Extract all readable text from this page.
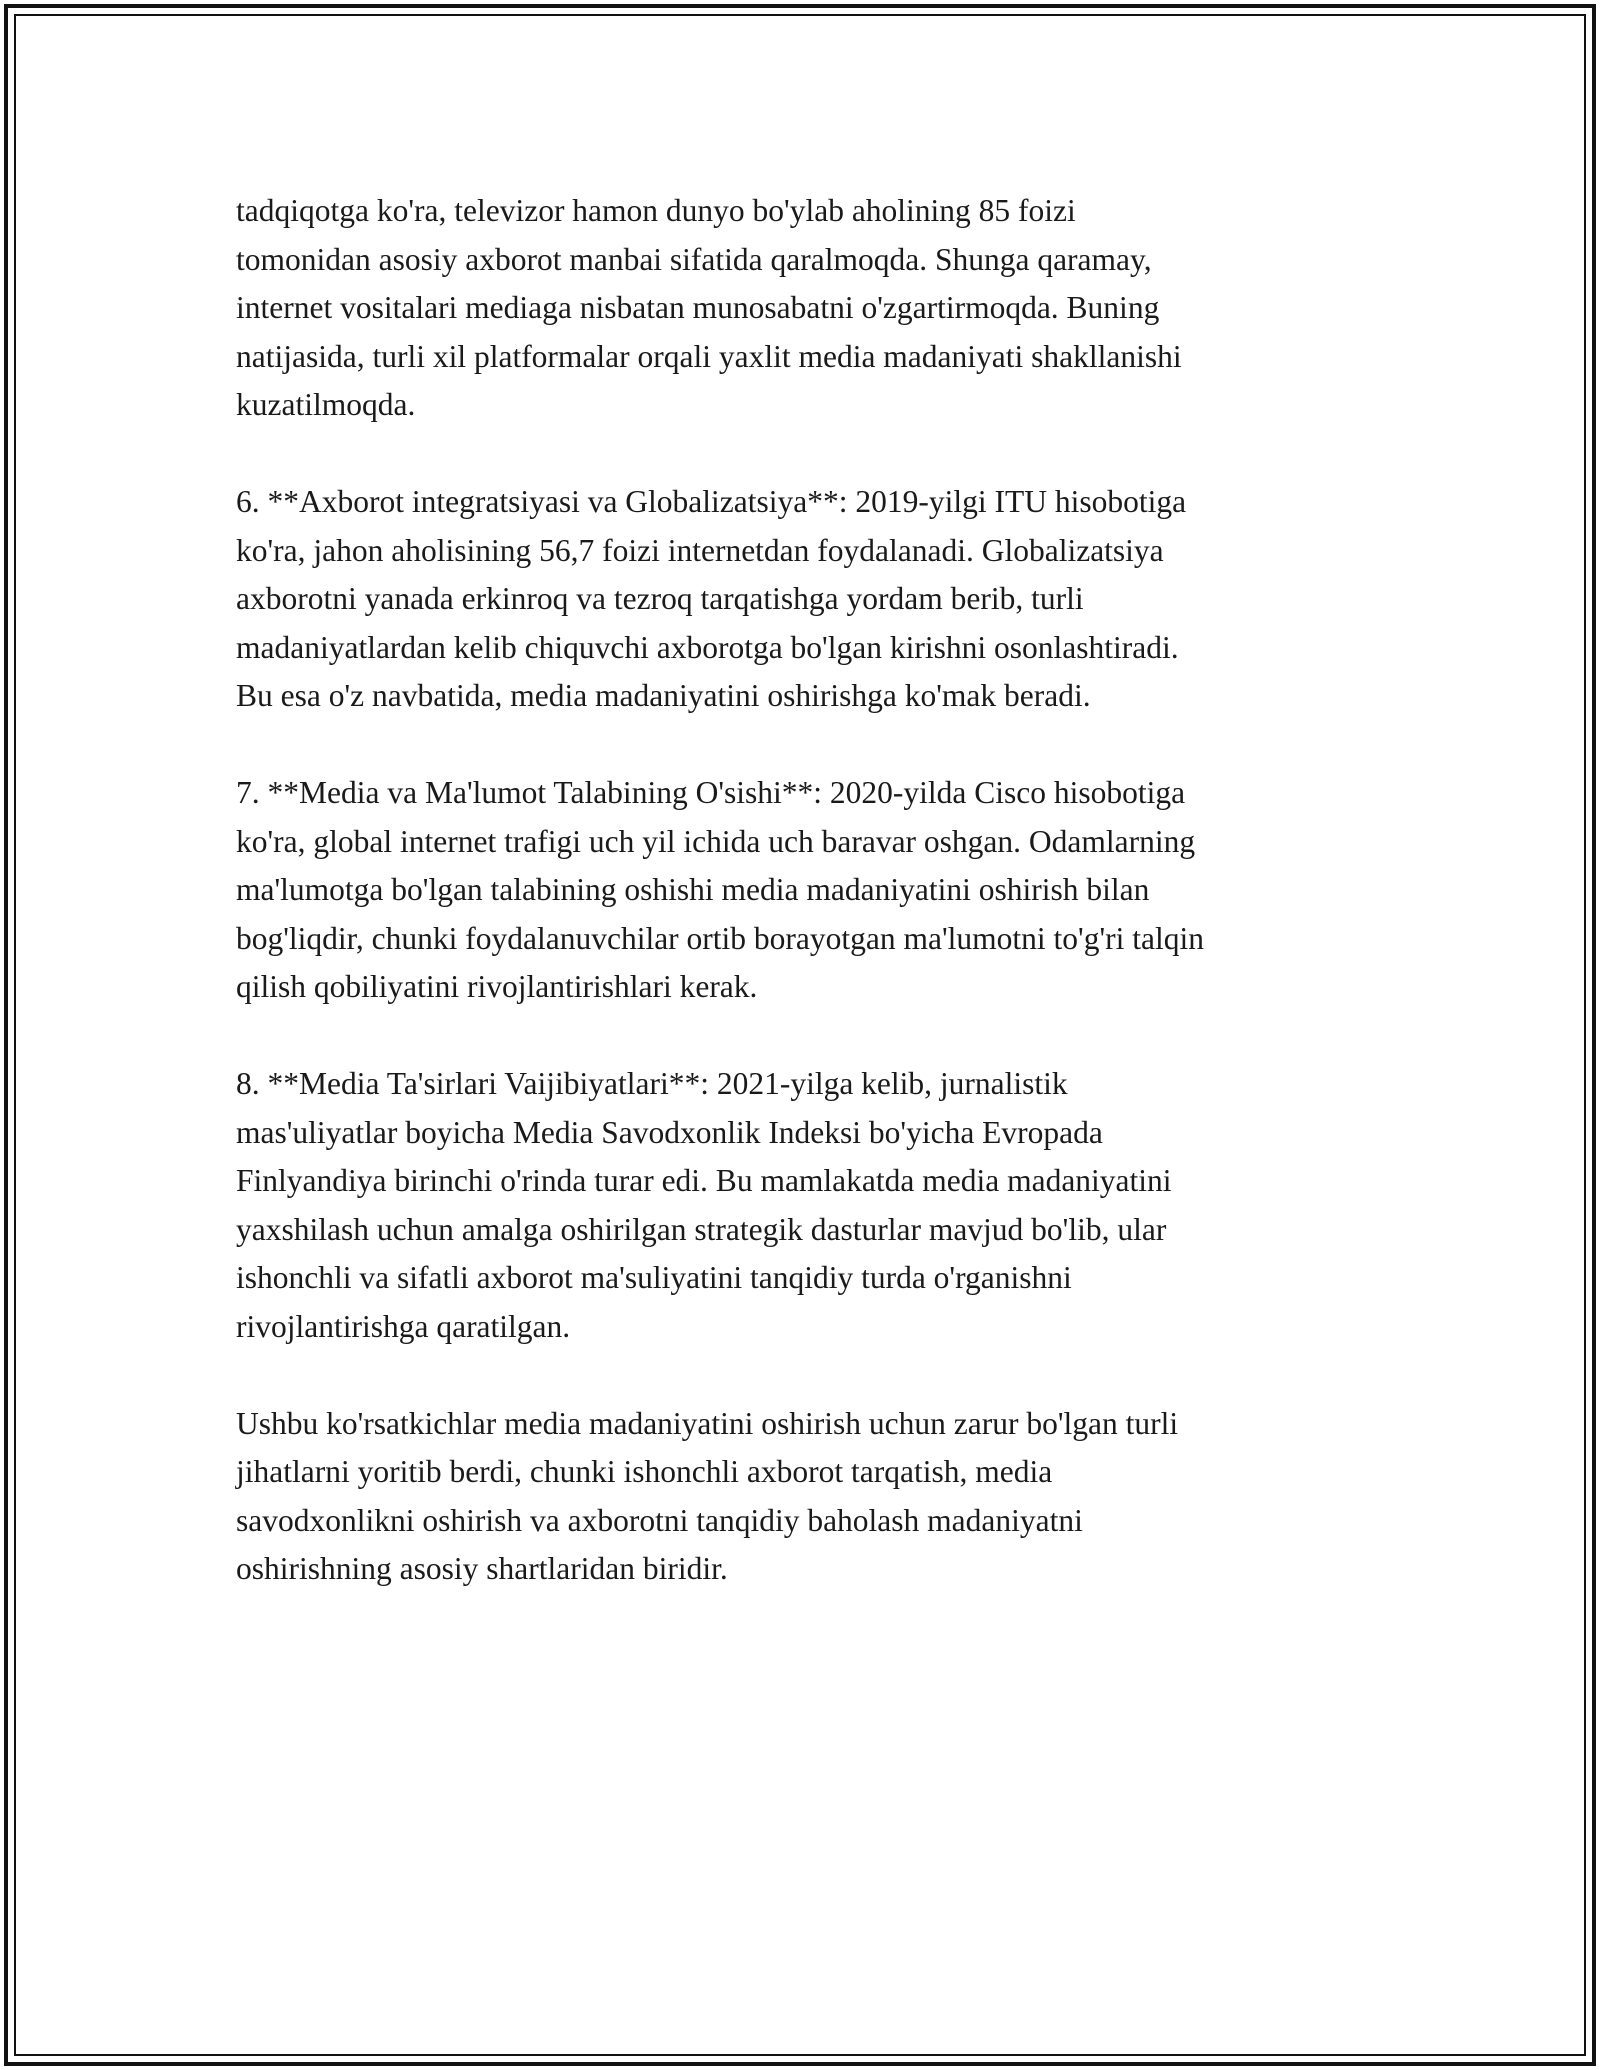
tadqiqotga ko'ra, televizor hamon dunyo bo'ylab aholining 85 foizi
tomonidan asosiy axborot manbai sifatida qaralmoqda. Shunga qaramay,
internet vositalari mediaga nisbatan munosabatni o'zgartirmoqda. Buning
natijasida, turli xil platformalar orqali yaxlit media madaniyati shakllanishi
kuzatilmoqda.
6. **Axborot integratsiyasi va Globalizatsiya**: 2019-yilgi ITU hisobotiga
ko'ra, jahon aholisining 56,7 foizi internetdan foydalanadi. Globalizatsiya
axborotni yanada erkinroq va tezroq tarqatishga yordam berib, turli
madaniyatlardan kelib chiquvchi axborotga bo'lgan kirishni osonlashtiradi.
Bu esa o'z navbatida, media madaniyatini oshirishga ko'mak beradi.
7. **Media va Ma'lumot Talabining O'sishi**: 2020-yilda Cisco hisobotiga
ko'ra, global internet trafigi uch yil ichida uch baravar oshgan. Odamlarning
ma'lumotga bo'lgan talabining oshishi media madaniyatini oshirish bilan
bog'liqdir, chunki foydalanuvchilar ortib borayotgan ma'lumotni to'g'ri talqin
qilish qobiliyatini rivojlantirishlari kerak.
8. **Media Ta'sirlari Vaijibiyatlari**: 2021-yilga kelib, jurnalistik
mas'uliyatlar boyicha Media Savodxonlik Indeksi bo'yicha Evropada
Finlyandiya birinchi o'rinda turar edi. Bu mamlakatda media madaniyatini
yaxshilash uchun amalga oshirilgan strategik dasturlar mavjud bo'lib, ular
ishonchli va sifatli axborot ma'suliyatini tanqidiy turda o'rganishni
rivojlantirishga qaratilgan.
Ushbu ko'rsatkichlar media madaniyatini oshirish uchun zarur bo'lgan turli
jihatlarni yoritib berdi, chunki ishonchli axborot tarqatish, media
savodxonlikni oshirish va axborotni tanqidiy baholash madaniyatni
oshirishning asosiy shartlaridan biridir.
